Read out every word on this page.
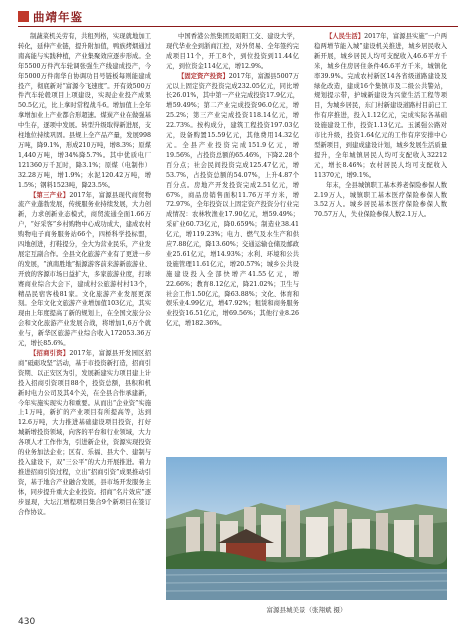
曲靖年鉴

制蔬菜机关劳有，共租列格，实现就地加工转化，延伸产业链，提升附加值，鸭族烤烟通过南高能与实践种植，产业集聚效应逐步形成。全年5500万件汽车轮调张强生产线建成投产，今年5000万件南华自协调功目号链板每则能建成投产，彻底新对“富源今飞速度”。开有效500万件汽车轮毂项目上项建设，实现企业投产成果50.5亿元，比上拿时常程战斗6。增加值上全年拿增加业上产业都合形超速。煤炭产业在做强基中生存，逐项中发展。转型升级取得新进展，支柱地位持续巩固。县规上全产品产量，发展998万吨，降9.1%，形成210万吨，增8.3%；原煤1,440万吨，增34%降5.7%。其中优质电厂121360万千瓦时，降3.1%；原煤（电制作）32.28万吨，增1.9%；水泥120.42万吨，增1.5%；钢料1523吨，降23.5%。

【第三产业】2017年，富源县现代商贸物流产业蓬勃发展，传统服务业持续发展，大力创新，力求创新业态模式，商贸流通全面1.66万户，“好采客”乡村购物中心成功成大，建成农村购物电子商务服务站66个，四桥科学投标盟，四地创进，打鞋提分，全大为营业民乐，产业发展定互副合作。全县文化旅游产业有了更进一步的发展，“滇南胜地”振源游客前来游新旅游业、开放的客源市场日益扩大，多家旅游业度，打球赛商业综合大会下，建成村公旅游村村13个，精品民宿客栈81家。文化旅游产业发展更深刻。全年文化文旅游产业增加值103亿元，其实现由上年度提高了新的规划上，在全国文旅分公会和文化旅游产业发展合战，将增加1,6万个就业与，新华区旅游产业综合收入172053.36万元，增长85.6%。

【招商引资】2017年，富源县开发园区招商“砥砺攻坚”活动，基于市投资新打造，招商引资期、以正安区为引，发展新建实力项目建上计投入招商引资项目88个，投资总额，县积和机新时电力公司及其4个关，在全县合作承建新，今年实施实现实力和重要。从而出“企业资”实施上1万吨，新扩的产业项目有所提高等，达到12.6万吨，大力推进基础建设项目投资，打好城新增投资领域，向客的平台和行业领域，大力各项人才工作作为，引进新企业，资源实现投资的业务加法企业；区有、乐福、县大个、建制与投入建设下，双“三公平”的大力开展推进。着力推进招商引资过程，立出“招商引资”成果推动引资，基于地合产业融合发展，县市场开发服务主体，同步提升重大企业投资。招商“名片效应”逐步显现，大坛江增程项目集合9个新项目在签订合作协议。

中国香港公然集团及昭阳工交、建设大学，现代华业全到浙商江控，对外贸易、全年签约完成项目11个，开工8个，到位投资到11.44亿元，到位资金114亿元，增12.9%。

【固定资产投资】2017年，富源县5007万元以上固定资产投资完成232.05亿元，同比增长26.01%，其中第一产业完成投资17.9亿元，增59.49%；第二产业完成投资96.0亿元，增25.2%；第三产业完成投资118.14亿元，增22.73%。按构成分，建筑工程投资197.03亿元，设备购置15.59亿元，其他费用14.32亿元。全县产业投资完成151.9亿元，增19.56%，占投资总额的65.46%，下降2.28个百分点；社会民间投资完成125.47亿元，增53.7%，占投资总额的54.07%，上升4.87个百分点。房地产开发投资完成2.51亿元，增67%，商品房销售面积11.76万平方米，增72.97%，全年投资以上固定资产投资分行业完成情况：农林牧渔业17.90亿元，增59.49%；采矿业60.73亿元，降0.659%；制造业38.41亿元，增119.23%；电力、燃气及水生产和供应7.88亿元，降13.60%；交通运输仓储及邮政业25.61亿元，增14.93%；水利、环境和公共设施管理11.61亿元，增20.57%；城乡公共设施建设投入全部快增产41.55亿元，增22.66%；教育8.12亿元，降21.02%；卫生与社会工作1.50亿元，降63.88%；文化、体育和娱乐业4.99亿元，增47.92%；租赁和商务服务业投资16.51亿元，增69.56%；其他行业8.26亿元，增182.36%。

【人民生活】2017年，富源县实施“一户两稳两增节能入城”建设机关推进，城乡居民收入新开展，城乡居民人均可支配收入46.6平方千米，城乡住房居住条件46.6平方千米，城镇化率39.9%。完成农村新区14各省级道路建设及绿化改造，建成16个集镇市及二级公共警站，规划提示带，护城新建设为兴蒙生活工程等项目，为城乡居民，东门村新建设道路村目前已工作有序推进，投入1.12亿元，完成实际各基础设施建设工作，投资1.13亿元。玉溪强公路对市比升级，投资1.64亿元的工作有序安排中心型新项目，到建成建设计划，城乡发展生活质量提升，全年城镇居民人均可支配收入32212元，增长8.46%；农村居民人均可支配收入11370元，增9.1%。

年末，全县城镇职工基本养老保险参保人数2.19万人，城镇职工基本医疗保险参保人数3.52万人。城乡居民基本医疗保险参保人数70.57万人，失业保险参保人数2.1万人。

富源县城美景（张翔斌 摄）
430
